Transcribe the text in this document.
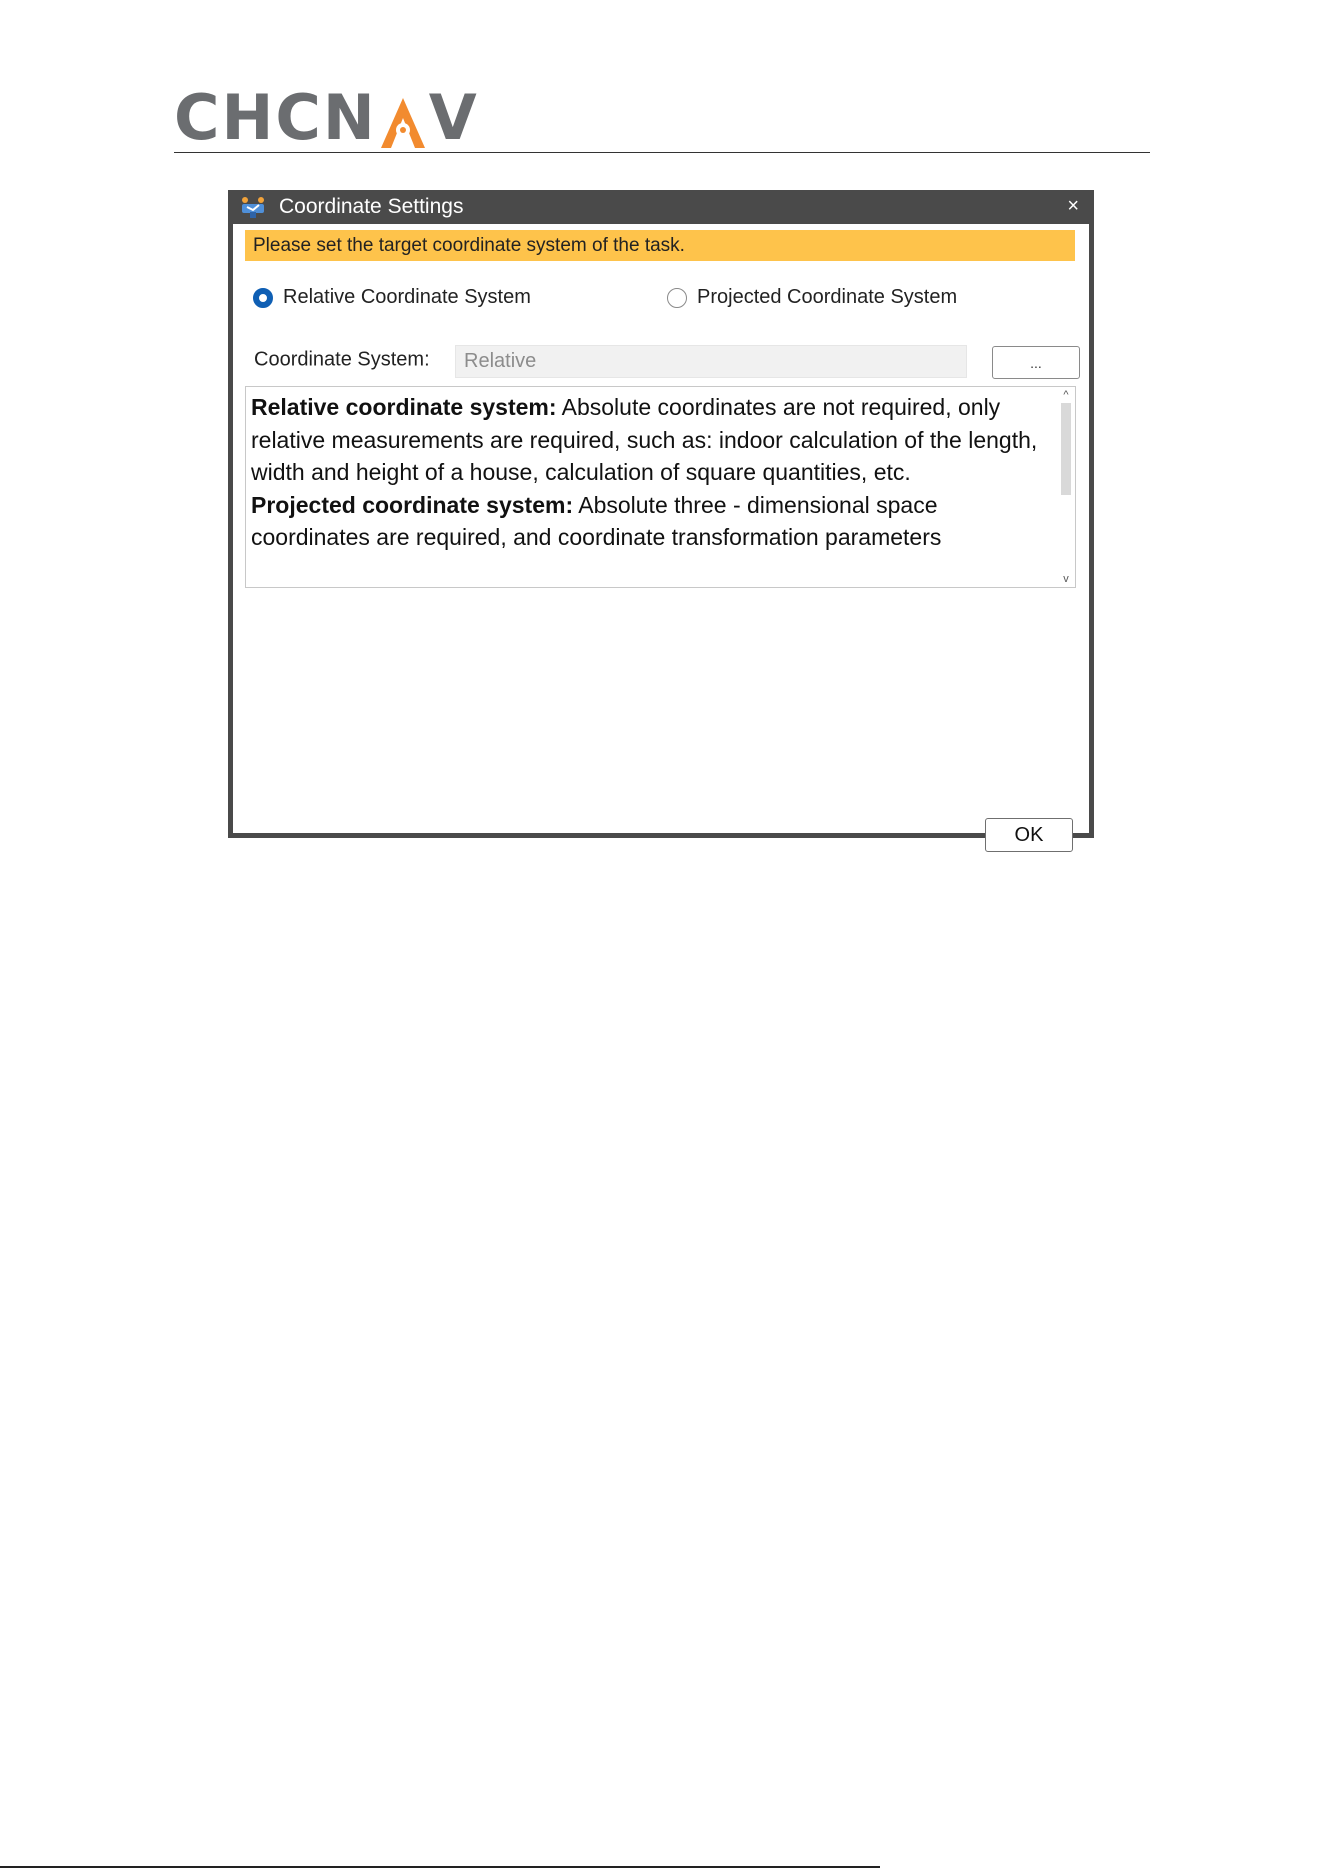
CHCN V
Coordinate Settings	×
Please set the target coordinate system of the task.
Relative Coordinate System	Projected Coordinate System
Coordinate System:
Relative	...
Relative coordinate system: Absolute coordinates are not required, only relative measurements are required, such as: indoor calculation of the length, width and height of a house, calculation of square quantities, etc.
Projected coordinate system: Absolute three - dimensional space coordinates are required, and coordinate transformation parameters
^
v
OK
